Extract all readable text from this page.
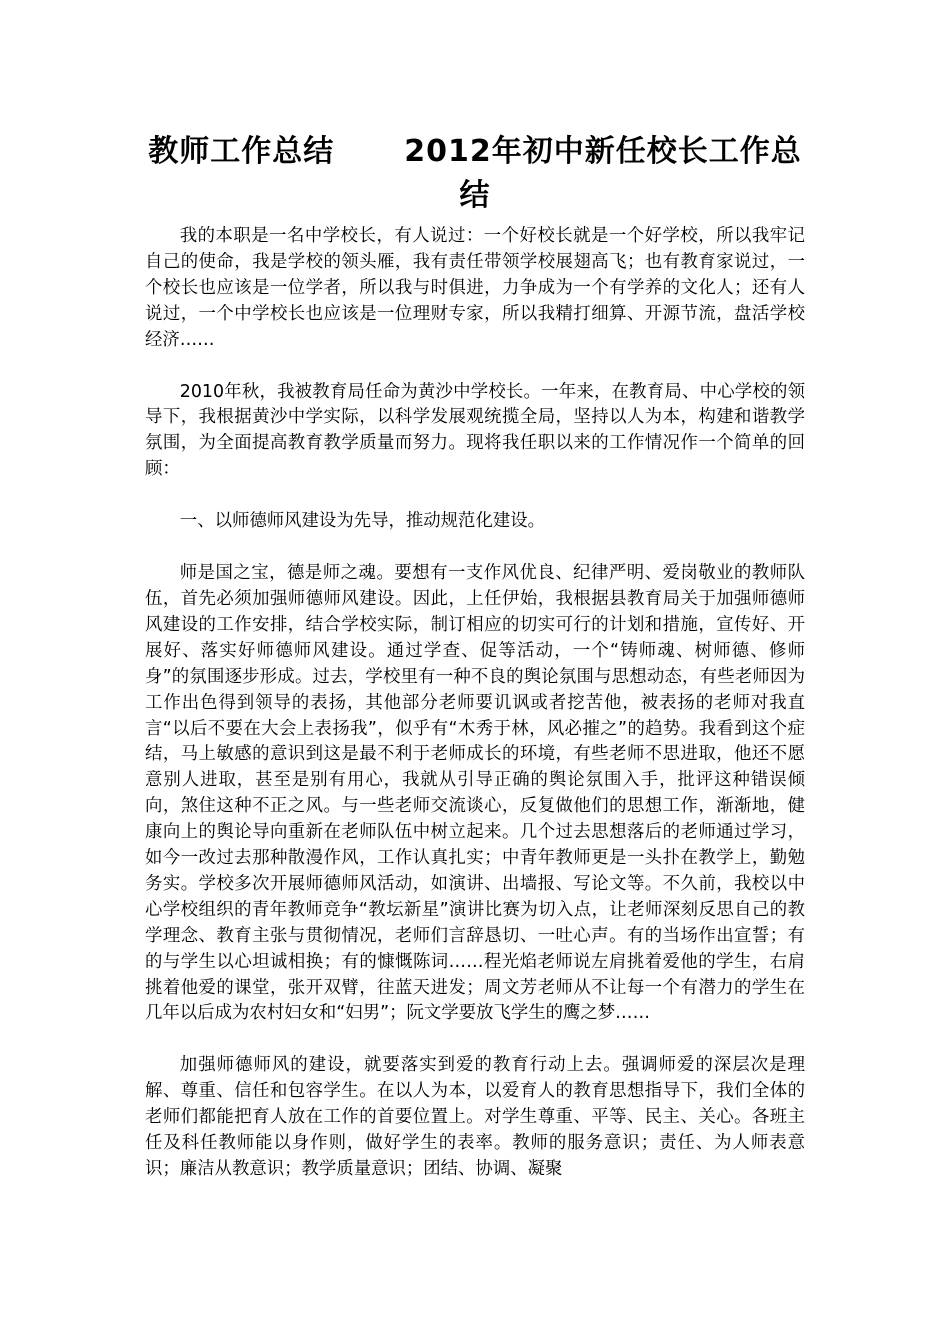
教师工作总结 2012年初中新任校长工作总结

我的本职是一名中学校长，有人说过：一个好校长就是一个好学校，所以我牢记自己的使命，我是学校的领头雁，我有责任带领学校展翅高飞；也有教育家说过，一个校长也应该是一位学者，所以我与时俱进，力争成为一个有学养的文化人；还有人说过，一个中学校长也应该是一位理财专家，所以我精打细算、开源节流，盘活学校经济……

2010年秋，我被教育局任命为黄沙中学校长。一年来，在教育局、中心学校的领导下，我根据黄沙中学实际，以科学发展观统揽全局，坚持以人为本，构建和谐教学氛围，为全面提高教育教学质量而努力。现将我任职以来的工作情况作一个简单的回顾：

一、以师德师风建设为先导，推动规范化建设。

师是国之宝，德是师之魂。要想有一支作风优良、纪律严明、爱岗敬业的教师队伍，首先必须加强师德师风建设。因此，上任伊始，我根据县教育局关于加强师德师风建设的工作安排，结合学校实际，制订相应的切实可行的计划和措施，宣传好、开展好、落实好师德师风建设。通过学查、促等活动，一个“铸师魂、树师德、修师身”的氛围逐步形成。过去，学校里有一种不良的舆论氛围与思想动态，有些老师因为工作出色得到领导的表扬，其他部分老师要讥讽或者挖苦他，被表扬的老师对我直言“以后不要在大会上表扬我”，似乎有“木秀于林，风必摧之”的趋势。我看到这个症结，马上敏感的意识到这是最不利于老师成长的环境，有些老师不思进取，他还不愿意别人进取，甚至是别有用心，我就从引导正确的舆论氛围入手，批评这种错误倾向，煞住这种不正之风。与一些老师交流谈心，反复做他们的思想工作，渐渐地，健康向上的舆论导向重新在老师队伍中树立起来。几个过去思想落后的老师通过学习，如今一改过去那种散漫作风，工作认真扎实；中青年教师更是一头扑在教学上，勤勉务实。学校多次开展师德师风活动，如演讲、出墙报、写论文等。不久前，我校以中心学校组织的青年教师竞争“教坛新星”演讲比赛为切入点，让老师深刻反思自己的教学理念、教育主张与贯彻情况，老师们言辞恳切、一吐心声。有的当场作出宣誓；有的与学生以心坦诚相换；有的慷慨陈词……程光焰老师说左肩挑着爱他的学生，右肩挑着他爱的课堂，张开双臂，往蓝天进发；周文芳老师从不让每一个有潜力的学生在几年以后成为农村妇女和“妇男”；阮文学要放飞学生的鹰之梦……

加强师德师风的建设，就要落实到爱的教育行动上去。强调师爱的深层次是理解、尊重、信任和包容学生。在以人为本，以爱育人的教育思想指导下，我们全体的老师们都能把育人放在工作的首要位置上。对学生尊重、平等、民主、关心。各班主任及科任教师能以身作则，做好学生的表率。教师的服务意识；责任、为人师表意识；廉洁从教意识；教学质量意识；团结、协调、凝聚
